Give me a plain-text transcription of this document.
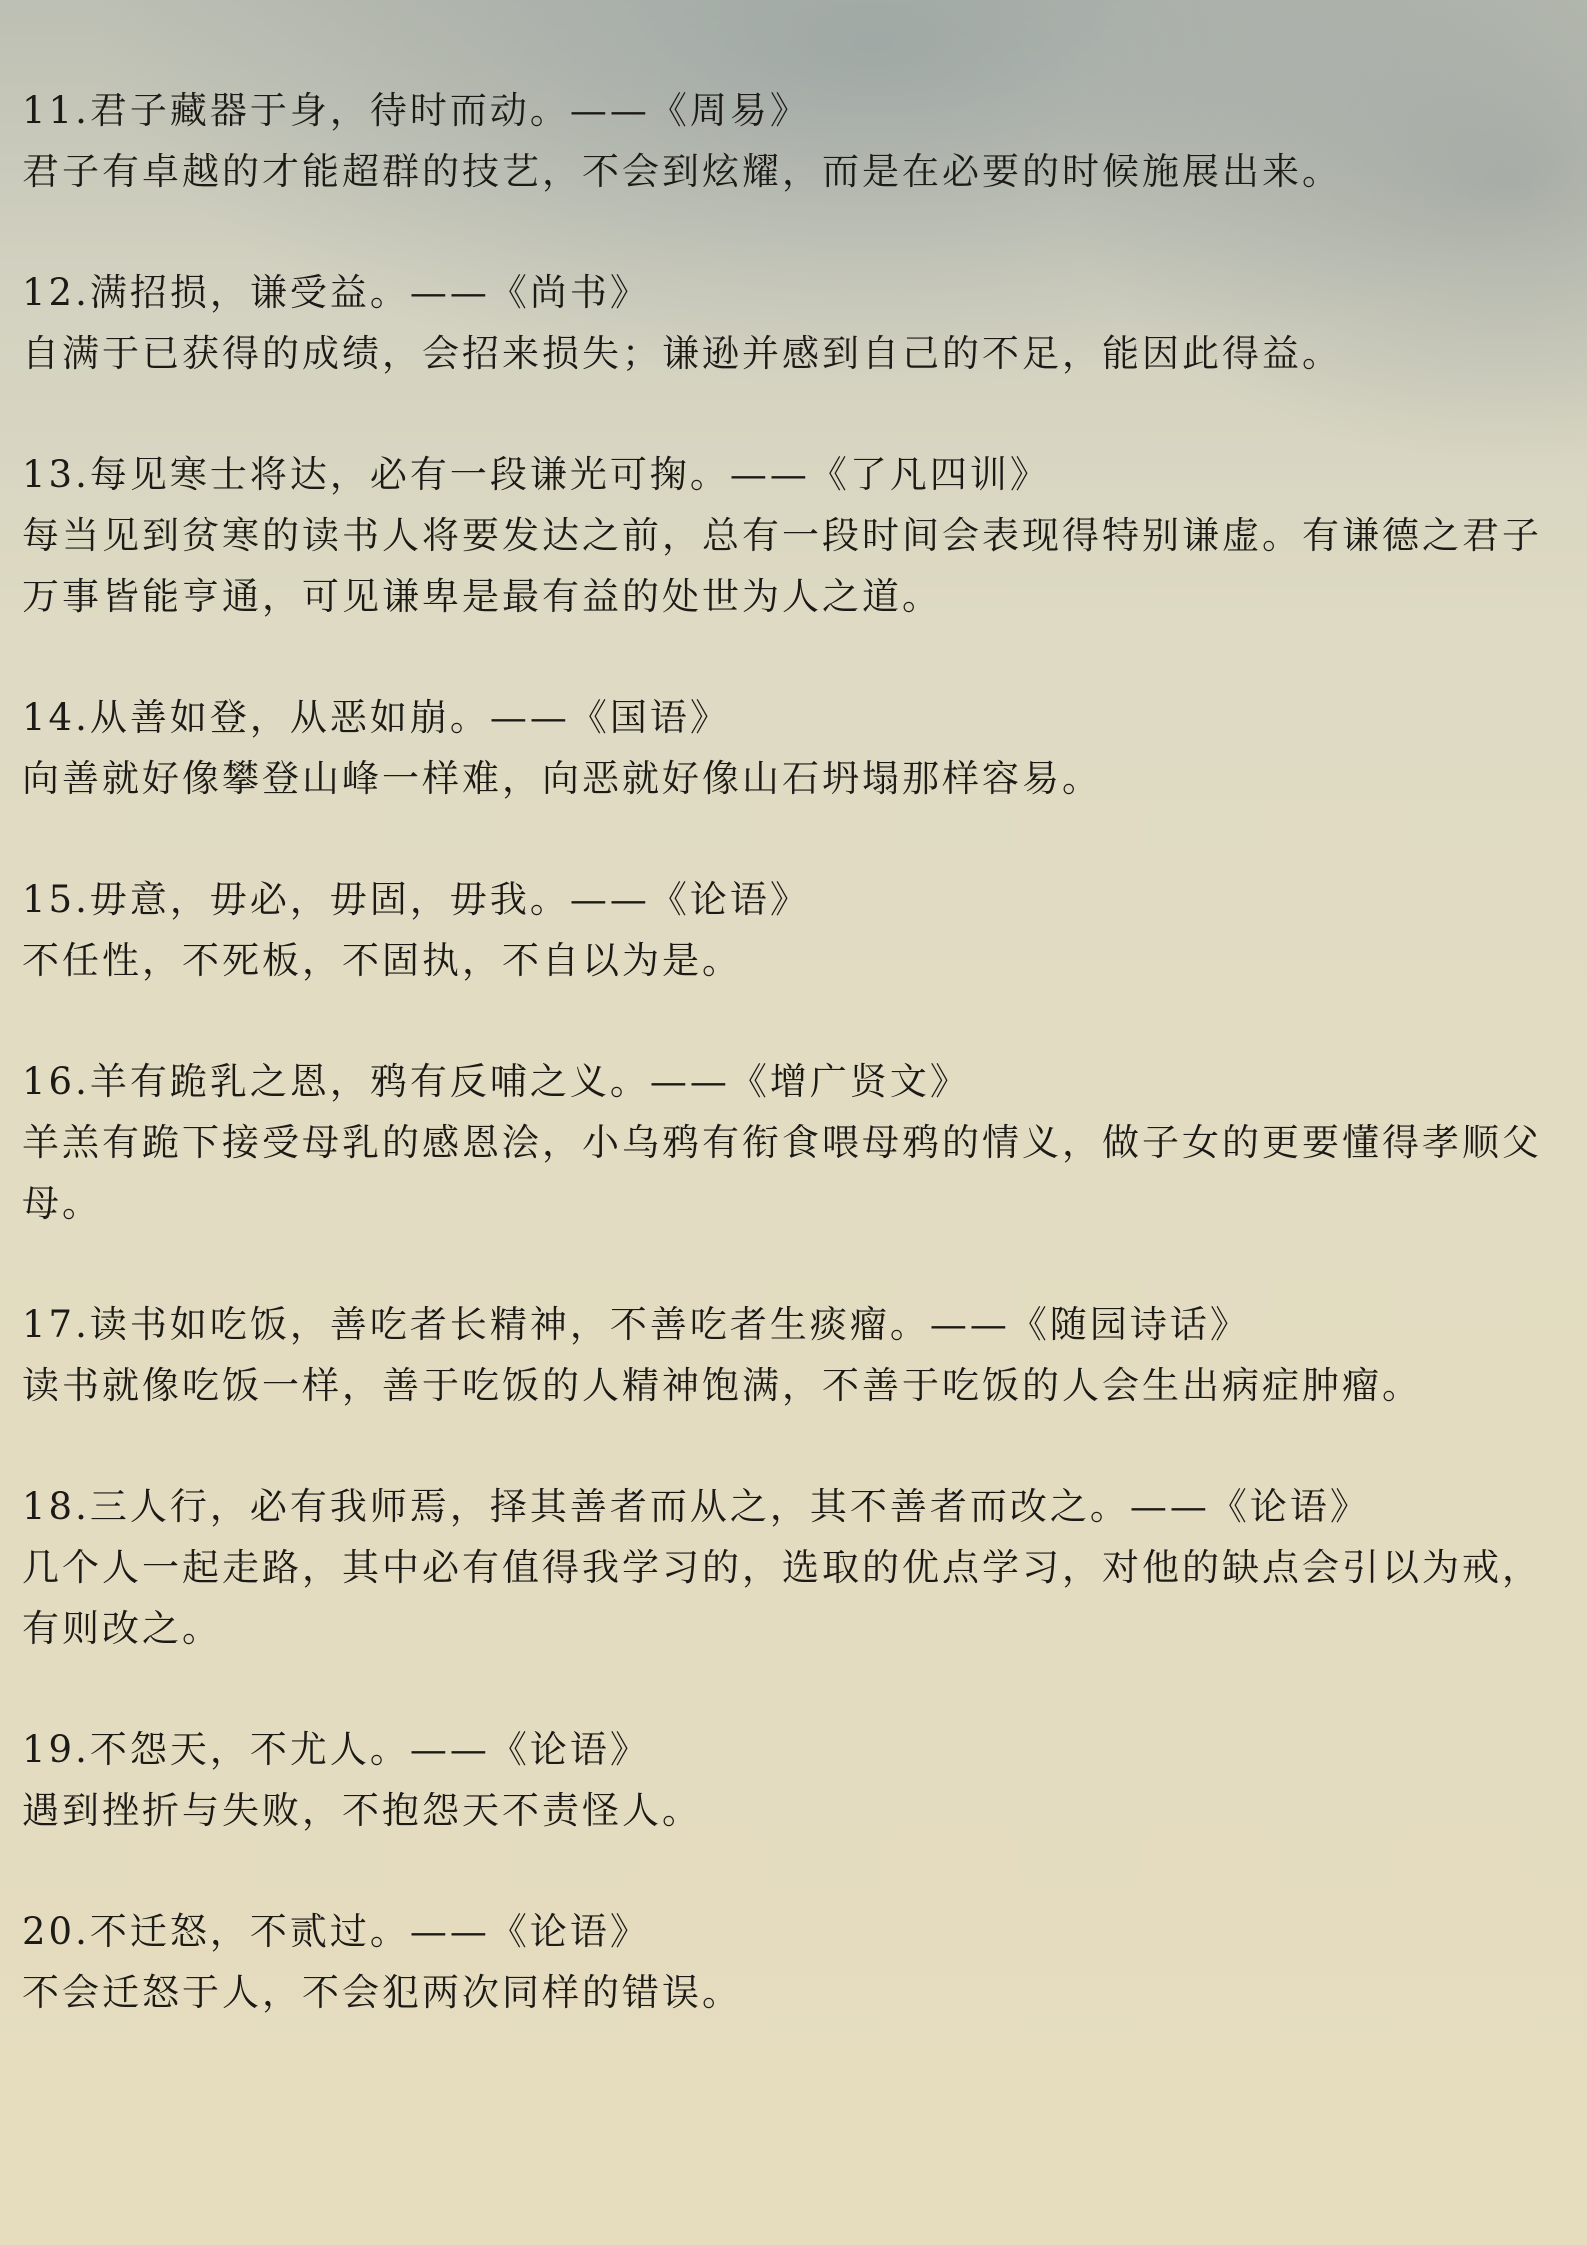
11.君子藏器于身，待时而动。——《周易》

君子有卓越的才能超群的技艺，不会到炫耀，而是在必要的时候施展出来。

12.满招损，谦受益。——《尚书》

自满于已获得的成绩，会招来损失；谦逊并感到自己的不足，能因此得益。

13.每见寒士将达，必有一段谦光可掬。——《了凡四训》

每当见到贫寒的读书人将要发达之前，总有一段时间会表现得特别谦虚。有谦德之君子万事皆能亨通，可见谦卑是最有益的处世为人之道。

14.从善如登，从恶如崩。——《国语》

向善就好像攀登山峰一样难，向恶就好像山石坍塌那样容易。

15.毋意，毋必，毋固，毋我。——《论语》

不任性，不死板，不固执，不自以为是。

16.羊有跪乳之恩，鸦有反哺之义。——《增广贤文》

羊羔有跪下接受母乳的感恩浍，小乌鸦有衔食喂母鸦的情义，做子女的更要懂得孝顺父母。

17.读书如吃饭，善吃者长精神，不善吃者生痰瘤。——《随园诗话》

读书就像吃饭一样，善于吃饭的人精神饱满，不善于吃饭的人会生出病症肿瘤。

18.三人行，必有我师焉，择其善者而从之，其不善者而改之。——《论语》

几个人一起走路，其中必有值得我学习的，选取的优点学习，对他的缺点会引以为戒，有则改之。

19.不怨天，不尤人。——《论语》

遇到挫折与失败，不抱怨天不责怪人。

20.不迁怒，不贰过。——《论语》

不会迁怒于人，不会犯两次同样的错误。
